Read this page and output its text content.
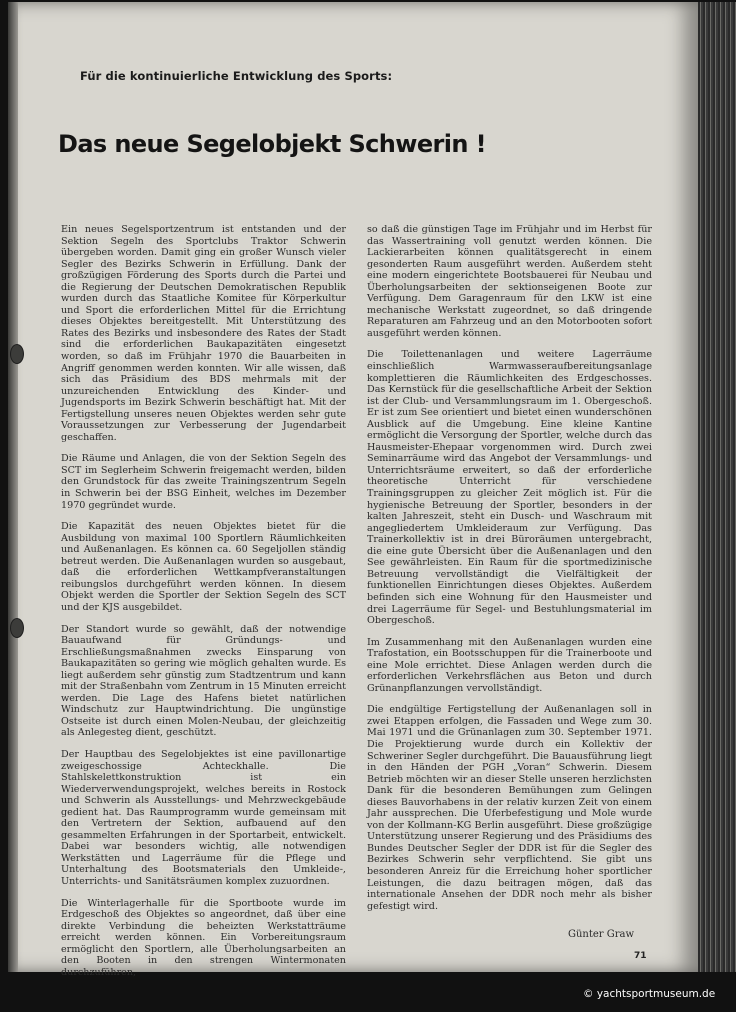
Für die kontinuierliche Entwicklung des Sports:
Das neue Segelobjekt Schwerin !

Ein neues Segelsportzentrum ist entstanden und der Sektion Segeln des Sportclubs Traktor Schwerin übergeben worden. Damit ging ein großer Wunsch vieler Segler des Bezirks Schwerin in Erfüllung. Dank der großzügigen Förderung des Sports durch die Partei und die Regierung der Deutschen Demokratischen Republik wurden durch das Staatliche Komitee für Körperkultur und Sport die erforderlichen Mittel für die Errichtung dieses Objektes bereitgestellt. Mit Unterstützung des Rates des Bezirks und insbesondere des Rates der Stadt sind die erforderlichen Baukapazitäten eingesetzt worden, so daß im Frühjahr 1970 die Bauarbeiten in Angriff genommen werden konnten. Wir alle wissen, daß sich das Präsidium des BDS mehrmals mit der unzureichenden Entwicklung des Kinder- und Jugendsports im Bezirk Schwerin beschäftigt hat. Mit der Fertigstellung unseres neuen Objektes werden sehr gute Voraussetzungen zur Verbesserung der Jugendarbeit geschaffen.

Die Räume und Anlagen, die von der Sektion Segeln des SCT im Seglerheim Schwerin freigemacht werden, bilden den Grundstock für das zweite Trainingszentrum Segeln in Schwerin bei der BSG Einheit, welches im Dezember 1970 gegründet wurde.

Die Kapazität des neuen Objektes bietet für die Ausbildung von maximal 100 Sportlern Räumlichkeiten und Außenanlagen. Es können ca. 60 Segeljollen ständig betreut werden. Die Außenanlagen wurden so ausgebaut, daß die erforderlichen Wettkampfveranstaltungen reibungslos durchgeführt werden können. In diesem Objekt werden die Sportler der Sektion Segeln des SCT und der KJS ausgebildet.

Der Standort wurde so gewählt, daß der notwendige Bauaufwand für Gründungs- und Erschließungsmaßnahmen zwecks Einsparung von Baukapazitäten so gering wie möglich gehalten wurde. Es liegt außerdem sehr günstig zum Stadtzentrum und kann mit der Straßenbahn vom Zentrum in 15 Minuten erreicht werden. Die Lage des Hafens bietet natürlichen Windschutz zur Hauptwindrichtung. Die ungünstige Ostseite ist durch einen Molen-Neubau, der gleichzeitig als Anlegesteg dient, geschützt.

Der Hauptbau des Segelobjektes ist eine pavillonartige zweigeschossige Achteckhalle. Die Stahlskelettkonstruktion ist ein Wiederverwendungsprojekt, welches bereits in Rostock und Schwerin als Ausstellungs- und Mehrzweckgebäude gedient hat. Das Raumprogramm wurde gemeinsam mit den Vertretern der Sektion, aufbauend auf den gesammelten Erfahrungen in der Sportarbeit, entwickelt. Dabei war besonders wichtig, alle notwendigen Werkstätten und Lagerräume für die Pflege und Unterhaltung des Bootsmaterials den Umkleide-, Unterrichts- und Sanitätsräumen komplex zuzuordnen.

Die Winterlagerhalle für die Sportboote wurde im Erdgeschoß des Objektes so angeordnet, daß über eine direkte Verbindung die beheizten Werkstatträume erreicht werden können. Ein Vorbereitungsraum ermöglicht den Sportlern, alle Überholungsarbeiten an den Booten in den strengen Wintermonaten durchzuführen,

so daß die günstigen Tage im Frühjahr und im Herbst für das Wassertraining voll genutzt werden können. Die Lackierarbeiten können qualitätsgerecht in einem gesonderten Raum ausgeführt werden. Außerdem steht eine modern eingerichtete Bootsbauerei für Neubau und Überholungsarbeiten der sektionseigenen Boote zur Verfügung. Dem Garagenraum für den LKW ist eine mechanische Werkstatt zugeordnet, so daß dringende Reparaturen am Fahrzeug und an den Motorbooten sofort ausgeführt werden können.

Die Toilettenanlagen und weitere Lagerräume einschließlich Warmwasseraufbereitungsanlage komplettieren die Räumlichkeiten des Erdgeschosses. Das Kernstück für die gesellschaftliche Arbeit der Sektion ist der Club- und Versammlungsraum im 1. Obergeschoß. Er ist zum See orientiert und bietet einen wunderschönen Ausblick auf die Umgebung. Eine kleine Kantine ermöglicht die Versorgung der Sportler, welche durch das Hausmeister-Ehepaar vorgenommen wird. Durch zwei Seminarräume wird das Angebot der Versammlungs- und Unterrichtsräume erweitert, so daß der erforderliche theoretische Unterricht für verschiedene Trainingsgruppen zu gleicher Zeit möglich ist. Für die hygienische Betreuung der Sportler, besonders in der kalten Jahreszeit, steht ein Dusch- und Waschraum mit angegliedertem Umkleideraum zur Verfügung. Das Trainerkollektiv ist in drei Büroräumen untergebracht, die eine gute Übersicht über die Außenanlagen und den See gewährleisten. Ein Raum für die sportmedizinische Betreuung vervollständigt die Vielfältigkeit der funktionellen Einrichtungen dieses Objektes. Außerdem befinden sich eine Wohnung für den Hausmeister und drei Lagerräume für Segel- und Bestuhlungsmaterial im Obergeschoß.

Im Zusammenhang mit den Außenanlagen wurden eine Trafostation, ein Bootsschuppen für die Trainerboote und eine Mole errichtet. Diese Anlagen werden durch die erforderlichen Verkehrsflächen aus Beton und durch Grünanpflanzungen vervollständigt.

Die endgültige Fertigstellung der Außenanlagen soll in zwei Etappen erfolgen, die Fassaden und Wege zum 30. Mai 1971 und die Grünanlagen zum 30. September 1971. Die Projektierung wurde durch ein Kollektiv der Schweriner Segler durchgeführt. Die Bauausführung liegt in den Händen der PGH „Voran“ Schwerin. Diesem Betrieb möchten wir an dieser Stelle unseren herzlichsten Dank für die besonderen Bemühungen zum Gelingen dieses Bauvorhabens in der relativ kurzen Zeit von einem Jahr aussprechen. Die Uferbefestigung und Mole wurde von der Kollmann-KG Berlin ausgeführt. Diese großzügige Unterstützung unserer Regierung und des Präsidiums des Bundes Deutscher Segler der DDR ist für die Segler des Bezirkes Schwerin sehr verpflichtend. Sie gibt uns besonderen Anreiz für die Erreichung hoher sportlicher Leistungen, die dazu beitragen mögen, daß das internationale Ansehen der DDR noch mehr als bisher gefestigt wird.

Günter Graw
71
© yachtsportmuseum.de
